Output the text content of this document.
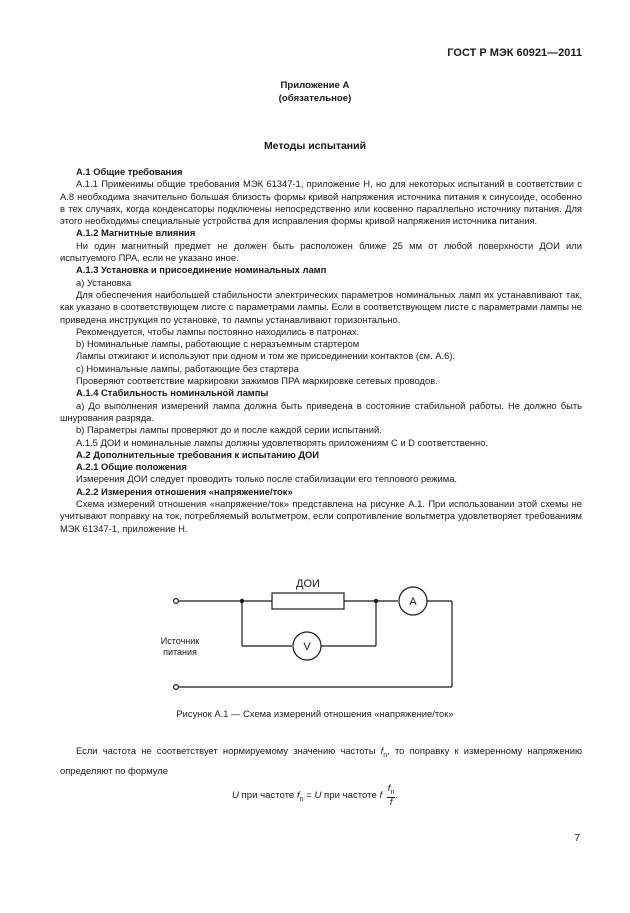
ГОСТ Р МЭК 60921—2011
Приложение А
(обязательное)
Методы испытаний

А.1 Общие требования

А.1.1 Применимы общие требования МЭК 61347-1, приложение Н, но для некоторых испытаний в соответствии с А.8 необходима значительно большая близость формы кривой напряжения источника питания к синусоиде, особенно в тех случаях, когда конденсаторы подключены непосредственно или косвенно параллельно источнику питания. Для этого необходимы специальные устройства для исправления формы кривой напряжения источника питания.

А.1.2 Магнитные влияния

Ни один магнитный предмет не должен быть расположен ближе 25 мм от любой поверхности ДОИ или испытуемого ПРА, если не указано иное.

А.1.3 Установка и присоединение номинальных ламп

а) Установка

Для обеспечения наибольшей стабильности электрических параметров номинальных ламп их устанавливают так, как указано в соответствующем листе с параметрами лампы. Если в соответствующем листе с параметрами лампы не приведена инструкция по установке, то лампы устанавливают горизонтально.

Рекомендуется, чтобы лампы постоянно находились в патронах.

b) Номинальные лампы, работающие с неразъемным стартером

Лампы отжигают и используют при одном и том же присоединении контактов (см. А.6).

с) Номинальные лампы, работающие без стартера

Проверяют соответствие маркировки зажимов ПРА маркировке сетевых проводов.

А.1.4 Стабильность номинальной лампы

а) До выполнения измерений лампа должна быть приведена в состояние стабильной работы. Не должно быть шнурования разряда.

b) Параметры лампы проверяют до и после каждой серии испытаний.

А.1.5 ДОИ и номинальные лампы должны удовлетворять приложениям С и D соответственно.

А.2 Дополнительные требования к испытанию ДОИ

А.2.1 Общие положения

Измерения ДОИ следует проводить только после стабилизации его теплового режима.

А.2.2 Измерения отношения «напряжение/ток»

Схема измерений отношения «напряжение/ток» представлена на рисунке А.1. При использовании этой схемы не учитывают поправку на ток, потребляемый вольтметром, если сопротивление вольтметра удовлетворяет требованиям МЭК 61347-1, приложение Н.

ДОИ
A
V
Источник
питания
Рисунок А.1 — Схема измерений отношения «напряжение/ток»

Если частота не соответствует нормируемому значению частоты $f_n$, то поправку к измеренному напряжению определяют по формуле

U при частоте $f_n = U$ при частоте f $\frac{f_n}{f}$ .
7
